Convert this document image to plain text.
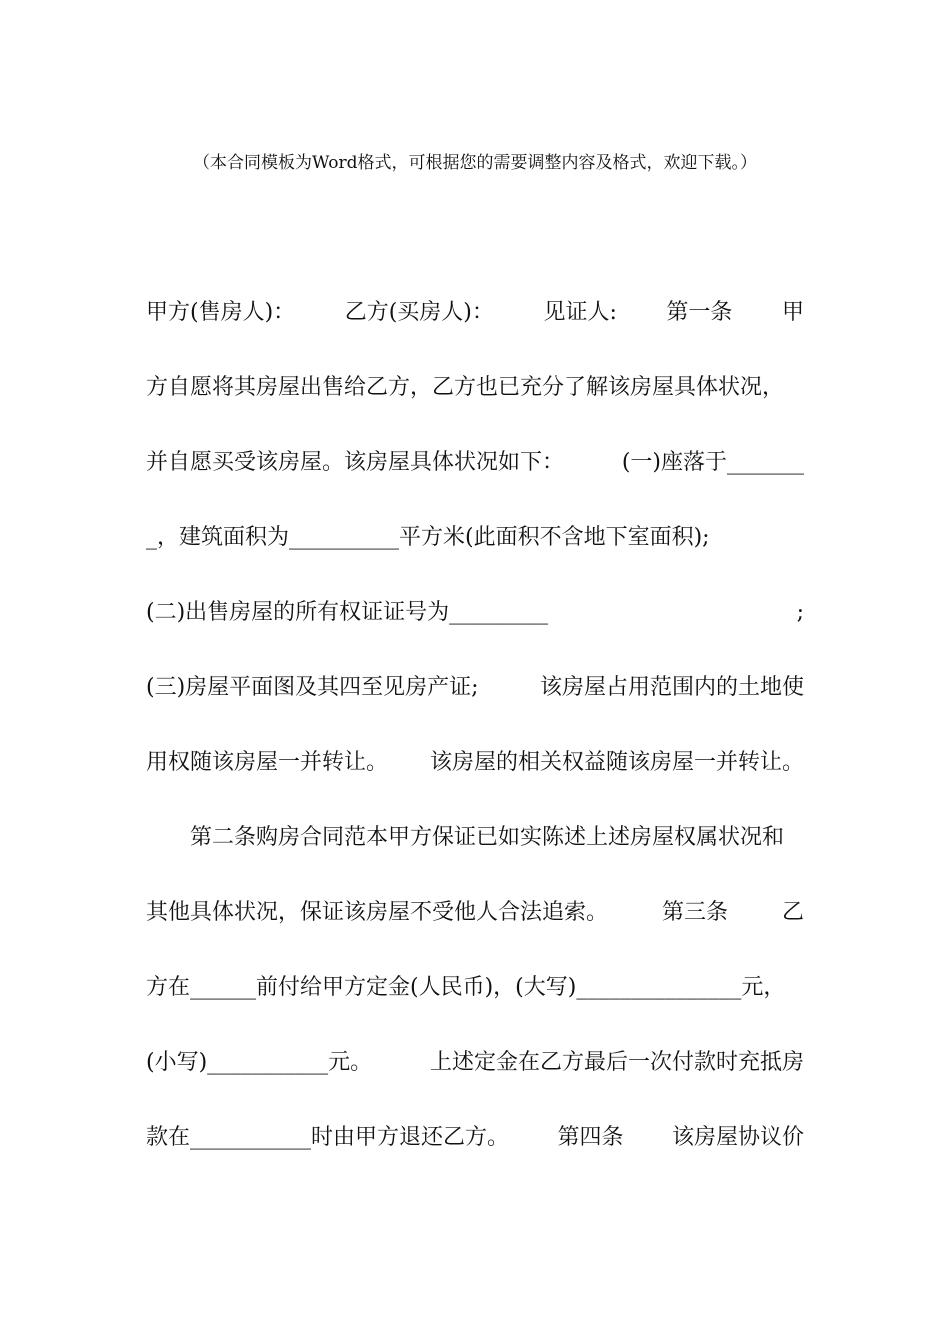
（本合同模板为Word格式，可根据您的需要调整内容及格式，欢迎下载。）
甲方(售房人)： 乙方(买房人)： 见证人: 第一条 甲
方自愿将其房屋出售给乙方，乙方也已充分了解该房屋具体状况，
并自愿买受该房屋。该房屋具体状况如下：	(一)座落于_______
_，建筑面积为__________平方米(此面积不含地下室面积);
(二)出售房屋的所有权证证号为_________	;
(三)房屋平面图及其四至见房产证;	该房屋占用范围内的土地使
用权随该房屋一并转让。 该房屋的相关权益随该房屋一并转让。
第二条购房合同范本甲方保证已如实陈述上述房屋权属状况和
其他具体状况，保证该房屋不受他人合法追索。 第三条 乙
方在______前付给甲方定金(人民币)，(大写)_______________元，
(小写)___________元。	上述定金在乙方最后一次付款时充抵房
款在___________时由甲方退还乙方。 第四条 该房屋协议价
